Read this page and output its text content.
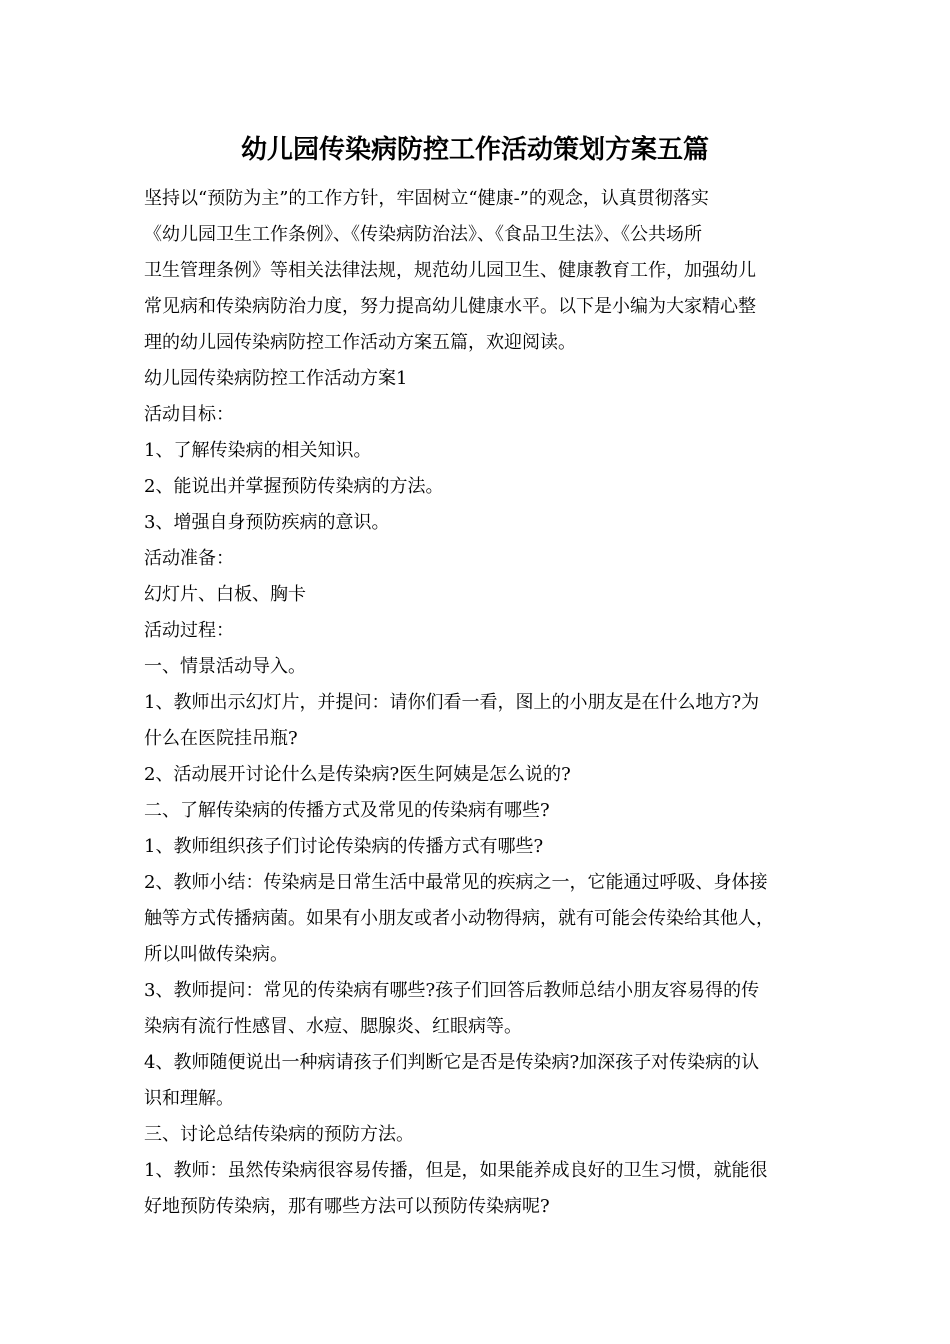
幼儿园传染病防控工作活动策划方案五篇

坚持以“预防为主”的工作方针，牢固树立“健康-”的观念，认真贯彻落实

《幼儿园卫生工作条例》、《传染病防治法》、《食品卫生法》、《公共场所

卫生管理条例》等相关法律法规，规范幼儿园卫生、健康教育工作，加强幼儿

常见病和传染病防治力度，努力提高幼儿健康水平。以下是小编为大家精心整

理的幼儿园传染病防控工作活动方案五篇，欢迎阅读。

幼儿园传染病防控工作活动方案1

活动目标：

1、了解传染病的相关知识。

2、能说出并掌握预防传染病的方法。

3、增强自身预防疾病的意识。

活动准备：

幻灯片、白板、胸卡

活动过程：

一、情景活动导入。

1、教师出示幻灯片，并提问：请你们看一看，图上的小朋友是在什么地方?为

什么在医院挂吊瓶?

2、活动展开讨论什么是传染病?医生阿姨是怎么说的?

二、了解传染病的传播方式及常见的传染病有哪些?

1、教师组织孩子们讨论传染病的传播方式有哪些?

2、教师小结：传染病是日常生活中最常见的疾病之一，它能通过呼吸、身体接

触等方式传播病菌。如果有小朋友或者小动物得病，就有可能会传染给其他人，

所以叫做传染病。

3、教师提问：常见的传染病有哪些?孩子们回答后教师总结小朋友容易得的传

染病有流行性感冒、水痘、腮腺炎、红眼病等。

4、教师随便说出一种病请孩子们判断它是否是传染病?加深孩子对传染病的认

识和理解。

三、讨论总结传染病的预防方法。

1、教师：虽然传染病很容易传播，但是，如果能养成良好的卫生习惯，就能很

好地预防传染病，那有哪些方法可以预防传染病呢?
